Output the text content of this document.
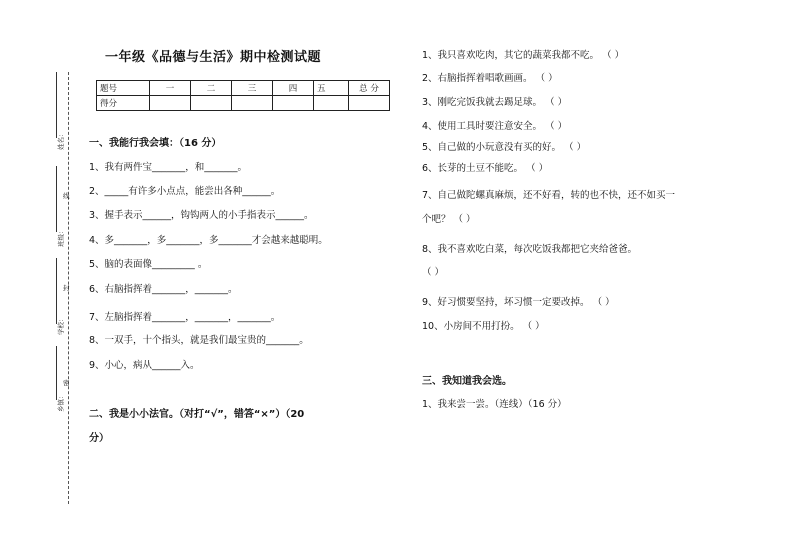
姓名：
班级：
学校：
乡镇：
线
封
密
一年级《品德与生活》期中检测试题
题号	一	二	三	四	五	总 分
得分						
一、我能行我会填：（16 分）
1、我有两件宝_______，和_______。
2、_____有许多小点点，能尝出各种______。
3、握手表示______，钩钩两人的小手指表示______。
4、多_______，多_______，多_______才会越来越聪明。
5、脑的表面像_________ 。
6、右脑指挥着_______，_______。
7、左脑指挥着_______，_______，_______。
8、一双手，十个指头，就是我们最宝贵的_______。
9、小心，病从______入。
二、我是小小法官。（对打“√”，错答“×”）（20
分）
1、我只喜欢吃肉，其它的蔬菜我都不吃。 （ ）
2、右脑指挥着唱歌画画。 （ ）
3、刚吃完饭我就去踢足球。 （ ）
4、使用工具时要注意安全。 （ ）
5、自己做的小玩意没有买的好。 （ ）
6、长芽的土豆不能吃。 （ ）
7、自己做陀螺真麻烦，还不好看，转的也不快，还不如买一
个吧？ （ ）
8、我不喜欢吃白菜，每次吃饭我都把它夹给爸爸。
（ ）
9、好习惯要坚持，坏习惯一定要改掉。 （ ）
10、小房间不用打扮。 （ ）
三、我知道我会选。
1、我来尝一尝。（连线）（16 分）
